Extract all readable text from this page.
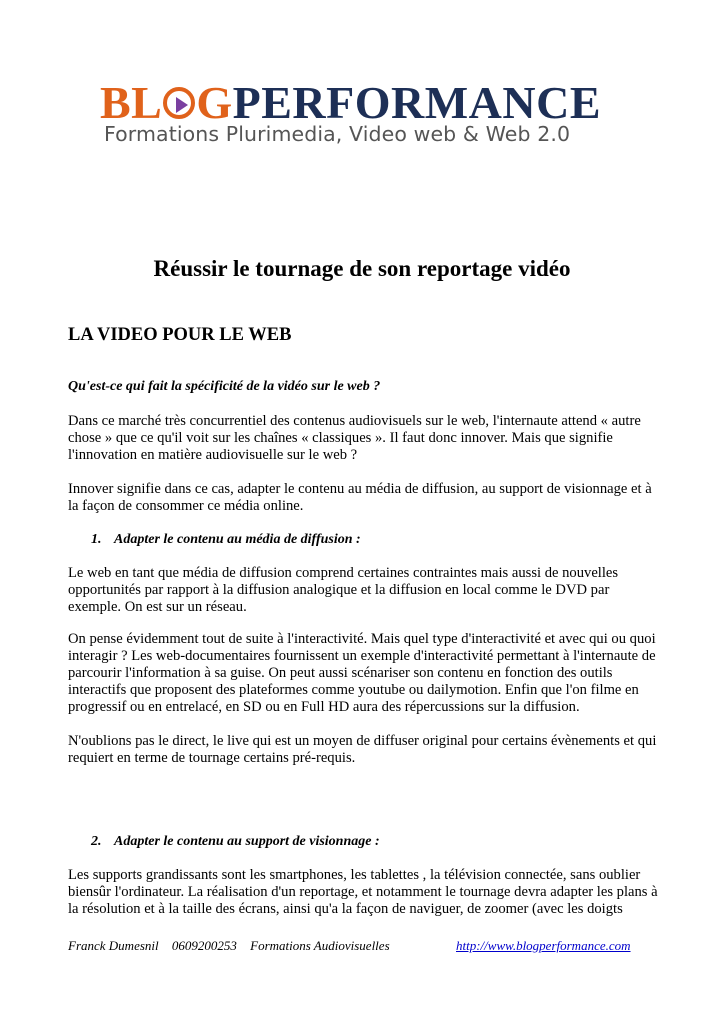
BL GPERFORMANCE
Formations Plurimedia, Video web & Web 2.0
Réussir le tournage de son reportage vidéo
LA VIDEO POUR LE WEB

Qu'est-ce qui fait la spécificité de la vidéo sur le web ?

Dans ce marché très concurrentiel des contenus audiovisuels sur le web, l'internaute attend « autre chose » que ce qu'il voit sur les chaînes « classiques ». Il faut donc innover. Mais que signifie l'innovation en matière audiovisuelle sur le web ?

Innover signifie dans ce cas, adapter le contenu au média de diffusion, au support de visionnage et à la façon de consommer ce média online.

1. Adapter le contenu au média de diffusion :

Le web en tant que média de diffusion comprend certaines contraintes mais aussi de nouvelles opportunités par rapport à la diffusion analogique et la diffusion en local comme le DVD par exemple. On est sur un réseau.

On pense évidemment tout de suite à l'interactivité. Mais quel type d'interactivité et avec qui ou quoi interagir ? Les web-documentaires fournissent un exemple d'interactivité permettant à l'internaute de parcourir l'information à sa guise. On peut aussi scénariser son contenu en fonction des outils interactifs que proposent des plateformes comme youtube ou dailymotion. Enfin que l'on filme en progressif ou en entrelacé, en SD ou en Full HD aura des répercussions sur la diffusion.

N'oublions pas le direct, le live qui est un moyen de diffuser original pour certains évènements et qui requiert en terme de tournage certains pré-requis.

2. Adapter le contenu au support de visionnage :

Les supports grandissants sont les smartphones, les tablettes , la télévision connectée, sans oublier biensûr l'ordinateur. La réalisation d'un reportage, et notamment le tournage devra adapter les plans à la résolution et à la taille des écrans, ainsi qu'a la façon de naviguer, de zoomer (avec les doigts

Franck Dumesnil 0609200253 Formations Audiovisuelles	http://www.blogperformance.com
